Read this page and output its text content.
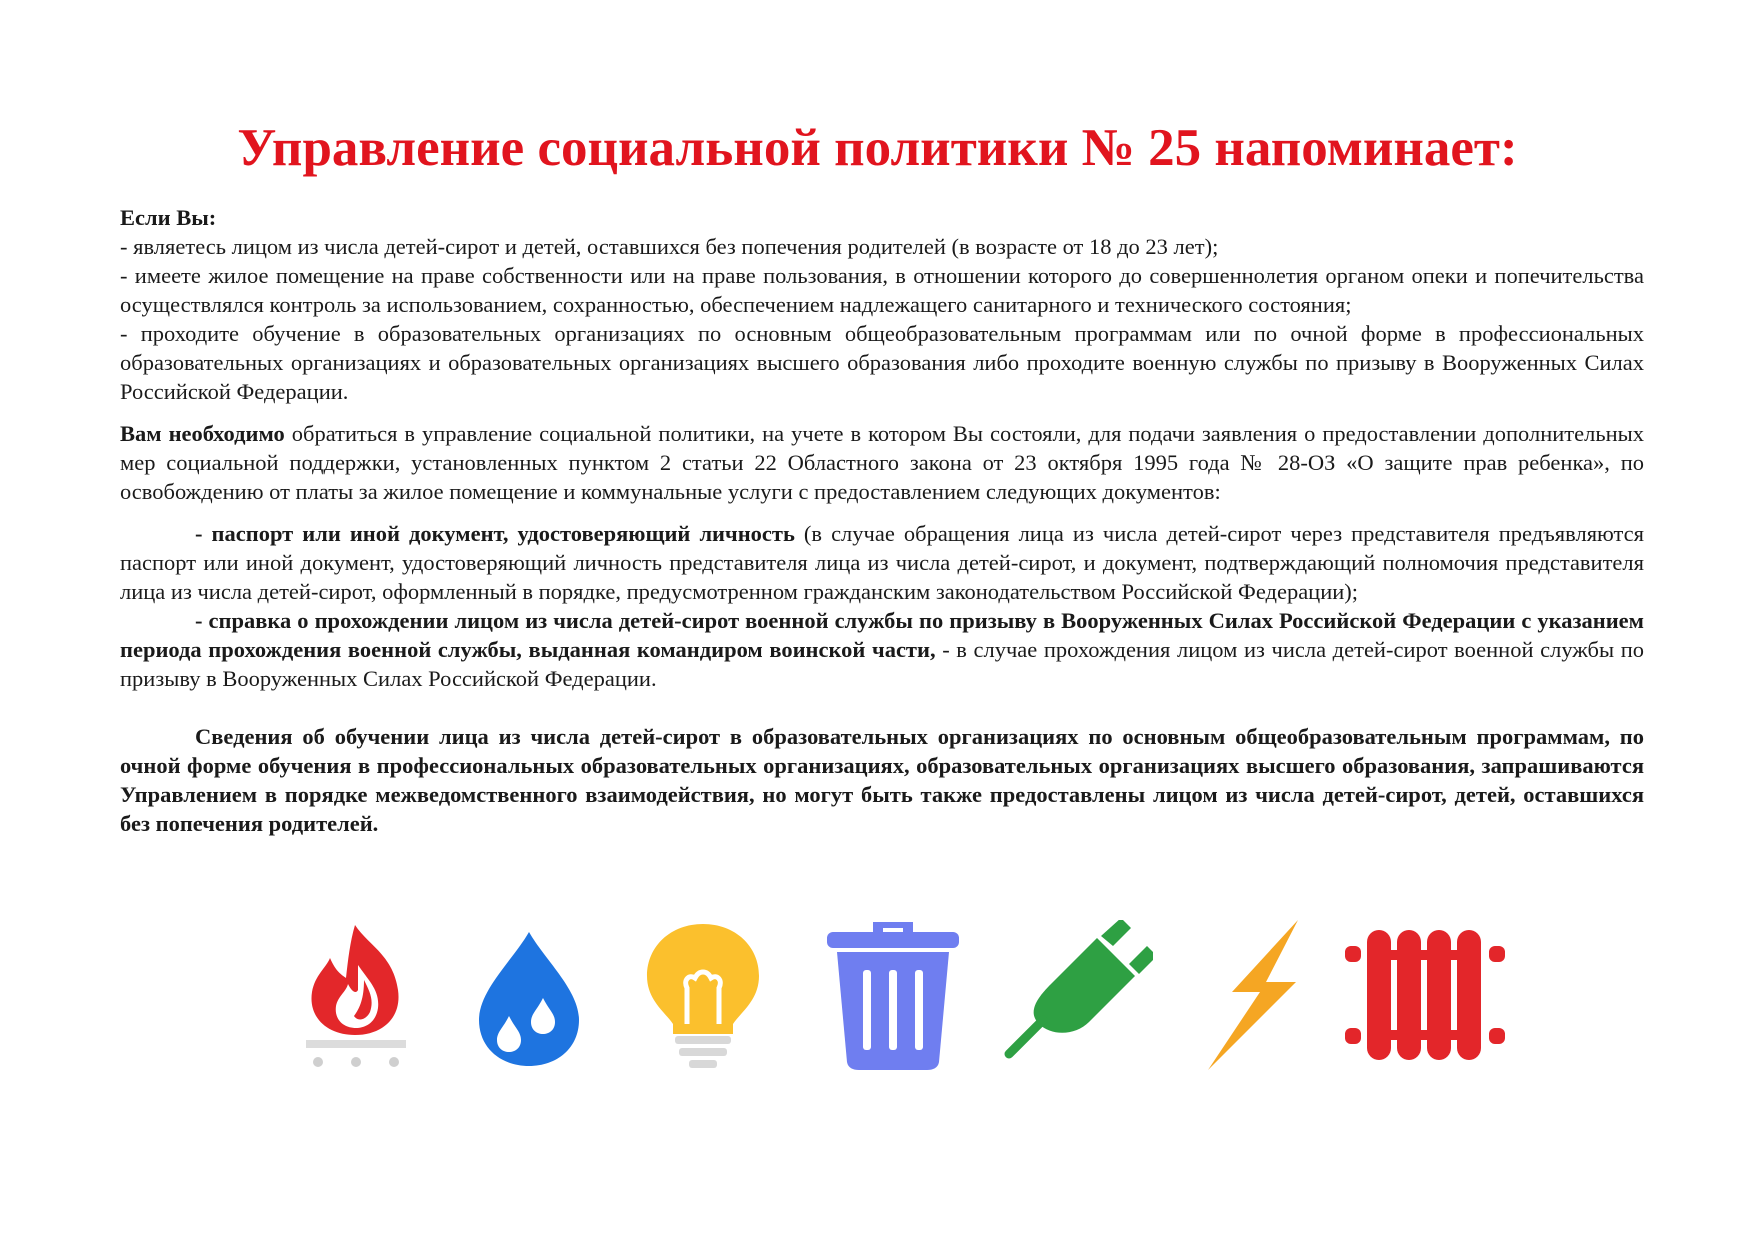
Управление социальной политики № 25 напоминает:

Если Вы:

- являетесь лицом из числа детей-сирот и детей, оставшихся без попечения родителей (в возрасте от 18 до 23 лет);

- имеете жилое помещение на праве собственности или на праве пользования, в отношении которого до совершеннолетия органом опеки и попечительства осуществлялся контроль за использованием, сохранностью, обеспечением надлежащего санитарного и технического состояния;

- проходите обучение в образовательных организациях по основным общеобразовательным программам или по очной форме в профессиональных образовательных организациях и образовательных организациях высшего образования либо проходите военную службы по призыву в Вооруженных Силах Российской Федерации.

Вам необходимо обратиться в управление социальной политики, на учете в котором Вы состояли, для подачи заявления о предоставлении дополнительных мер социальной поддержки, установленных пунктом 2 статьи 22 Областного закона от 23 октября 1995 года № 28-ОЗ «О защите прав ребенка», по освобождению от платы за жилое помещение и коммунальные услуги с предоставлением следующих документов:

- паспорт или иной документ, удостоверяющий личность (в случае обращения лица из числа детей-сирот через представителя предъявляются паспорт или иной документ, удостоверяющий личность представителя лица из числа детей-сирот, и документ, подтверждающий полномочия представителя лица из числа детей-сирот, оформленный в порядке, предусмотренном гражданским законодательством Российской Федерации);

- справка о прохождении лицом из числа детей-сирот военной службы по призыву в Вооруженных Силах Российской Федерации с указанием периода прохождения военной службы, выданная командиром воинской части, - в случае прохождения лицом из числа детей-сирот военной службы по призыву в Вооруженных Силах Российской Федерации.

Сведения об обучении лица из числа детей-сирот в образовательных организациях по основным общеобразовательным программам, по очной форме обучения в профессиональных образовательных организациях, образовательных организациях высшего образования, запрашиваются Управлением в порядке межведомственного взаимодействия, но могут быть также предоставлены лицом из числа детей-сирот, детей, оставшихся без попечения родителей.
